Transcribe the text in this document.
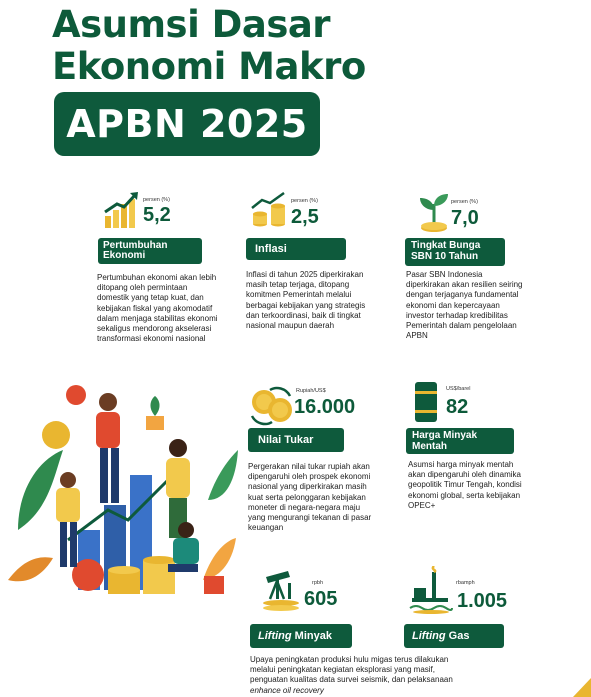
Asumsi Dasar
Ekonomi Makro
APBN 2025
persen (%)
5,2
Pertumbuhan Ekonomi
Pertumbuhan ekonomi akan lebih ditopang oleh permintaan domestik yang tetap kuat, dan kebijakan fiskal yang akomodatif dalam menjaga stabilitas ekonomi sekaligus mendorong akselerasi transformasi ekonomi nasional
persen (%)
2,5
Inflasi
Inflasi di tahun 2025 diperkirakan masih tetap terjaga, ditopang komitmen Pemerintah melalui berbagai kebijakan yang strategis dan terkoordinasi, baik di tingkat nasional maupun daerah
persen (%)
7,0
Tingkat Bunga SBN 10 Tahun
Pasar SBN Indonesia diperkirakan akan resilien seiring dengan terjaganya fundamental ekonomi dan kepercayaan investor terhadap kredibilitas Pemerintah dalam pengelolaan APBN
Rupiah/US$
16.000
Nilai Tukar
Pergerakan nilai tukar rupiah akan dipengaruhi oleh prospek ekonomi nasional yang diperkirakan masih kuat serta pelonggaran kebijakan moneter di negara-negara maju yang mengurangi tekanan di pasar keuangan
US$/barel
82
Harga Minyak Mentah
Asumsi harga minyak mentah akan dipengaruhi oleh dinamika geopolitik Timur Tengah, kondisi ekonomi global, serta kebijakan OPEC+
rpbh
605
Lifting Minyak
rbamph
1.005
Lifting Gas
Upaya peningkatan produksi hulu migas terus dilakukan
melalui peningkatan kegiatan eksplorasi yang masif,
penguatan kualitas data survei seismik, dan pelaksanaan
enhance oil recovery
